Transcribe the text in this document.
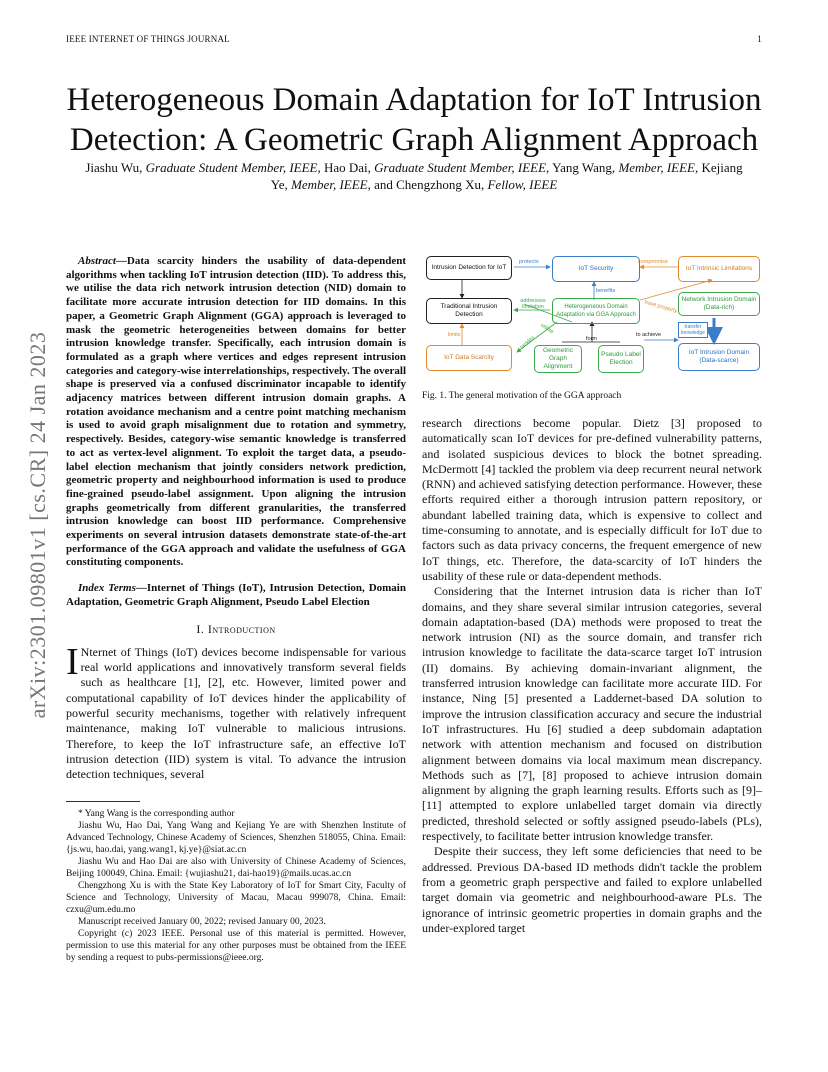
IEEE INTERNET OF THINGS JOURNAL	1
arXiv:2301.09801v1 [cs.CR] 24 Jan 2023
Heterogeneous Domain Adaptation for IoT Intrusion Detection: A Geometric Graph Alignment Approach
Jiashu Wu, Graduate Student Member, IEEE, Hao Dai, Graduate Student Member, IEEE, Yang Wang, Member, IEEE, Kejiang Ye, Member, IEEE, and Chengzhong Xu, Fellow, IEEE

Abstract—Data scarcity hinders the usability of data-dependent algorithms when tackling IoT intrusion detection (IID). To address this, we utilise the data rich network intrusion detection (NID) domain to facilitate more accurate intrusion detection for IID domains. In this paper, a Geometric Graph Alignment (GGA) approach is leveraged to mask the geometric heterogeneities between domains for better intrusion knowledge transfer. Specifically, each intrusion domain is formulated as a graph where vertices and edges represent intrusion categories and category-wise interrelationships, respectively. The overall shape is preserved via a confused discriminator incapable to identify adjacency matrices between different intrusion domain graphs. A rotation avoidance mechanism and a centre point matching mechanism is used to avoid graph misalignment due to rotation and symmetry, respectively. Besides, category-wise semantic knowledge is transferred to act as vertex-level alignment. To exploit the target data, a pseudo-label election mechanism that jointly considers network prediction, geometric property and neighbourhood information is used to produce fine-grained pseudo-label assignment. Upon aligning the intrusion graphs geometrically from different granularities, the transferred intrusion knowledge can boost IID performance. Comprehensive experiments on several intrusion datasets demonstrate state-of-the-art performance of the GGA approach and validate the usefulness of GGA constituting components.

Index Terms—Internet of Things (IoT), Intrusion Detection, Domain Adaptation, Geometric Graph Alignment, Pseudo Label Election

I. Introduction

I Nternet of Things (IoT) devices become indispensable for various real world applications and innovatively transform several fields such as healthcare [1], [2], etc. However, limited power and computational capability of IoT devices hinder the applicability of powerful security mechanisms, together with relatively infrequent maintenance, making IoT vulnerable to malicious intrusions. Therefore, to keep the IoT infrastructure safe, an effective IoT intrusion detection (IID) system is vital. To advance the intrusion detection techniques, several

* Yang Wang is the corresponding author

Jiashu Wu, Hao Dai, Yang Wang and Kejiang Ye are with Shenzhen Institute of Advanced Technology, Chinese Academy of Sciences, Shenzhen 518055, China. Email: {js.wu, hao.dai, yang.wang1, kj.ye}@siat.ac.cn

Jiashu Wu and Hao Dai are also with University of Chinese Academy of Sciences, Beijing 100049, China. Email: {wujiashu21, dai-hao19}@mails.ucas.ac.cn

Chengzhong Xu is with the State Key Laboratory of IoT for Smart City, Faculty of Science and Technology, University of Macau, Macau 999078, China. Email: czxu@um.edu.mo

Manuscript received January 00, 2022; revised January 00, 2023.

Copyright (c) 2023 IEEE. Personal use of this material is permitted. However, permission to use this material for any other purposes must be obtained from the IEEE by sending a request to pubs-permissions@ieee.org.

Intrusion Detection for IoT	IoT Security	IoT Intrinsic Limitations
Traditional Intrusion Detection
Heterogeneous Domain Adaptation via GGA Approach
Network Intrusion Domain (Data-rich)
IoT Data Scarcity
Geometric Graph Alignment
Pseudo Label Election
IoT Intrusion Domain (Data-scarce)
protects	compromise
benefits
addresses limitation
limits
have property
tackles	form
to achieve
transfer knowledge
utilise
Fig. 1. The general motivation of the GGA approach

research directions become popular. Dietz [3] proposed to automatically scan IoT devices for pre-defined vulnerability patterns, and isolated suspicious devices to block the botnet spreading. McDermott [4] tackled the problem via deep recurrent neural network (RNN) and achieved satisfying detection performance. However, these efforts required either a thorough intrusion pattern repository, or abundant labelled training data, which is expensive to collect and time-consuming to annotate, and is especially difficult for IoT due to factors such as data privacy concerns, the frequent emergence of new IoT things, etc. Therefore, the data-scarcity of IoT hinders the usability of these rule or data-dependent methods.

Considering that the Internet intrusion data is richer than IoT domains, and they share several similar intrusion categories, several domain adaptation-based (DA) methods were proposed to treat the network intrusion (NI) as the source domain, and transfer rich intrusion knowledge to facilitate the data-scarce target IoT intrusion (II) domains. By achieving domain-invariant alignment, the transferred intrusion knowledge can facilitate more accurate IID. For instance, Ning [5] presented a Laddernet-based DA solution to improve the intrusion classification accuracy and secure the industrial IoT infrastructures. Hu [6] studied a deep subdomain adaptation network with attention mechanism and focused on distribution alignment between domains via local maximum mean discrepancy. Methods such as [7], [8] proposed to achieve intrusion domain alignment by aligning the graph learning results. Efforts such as [9]–[11] attempted to explore unlabelled target domain via directly predicted, threshold selected or softly assigned pseudo-labels (PLs), respectively, to facilitate better intrusion knowledge transfer.

Despite their success, they left some deficiencies that need to be addressed. Previous DA-based ID methods didn't tackle the problem from a geometric graph perspective and failed to explore unlabelled target domain via geometric and neighbourhood-aware PLs. The ignorance of intrinsic geometric properties in domain graphs and the under-explored target
